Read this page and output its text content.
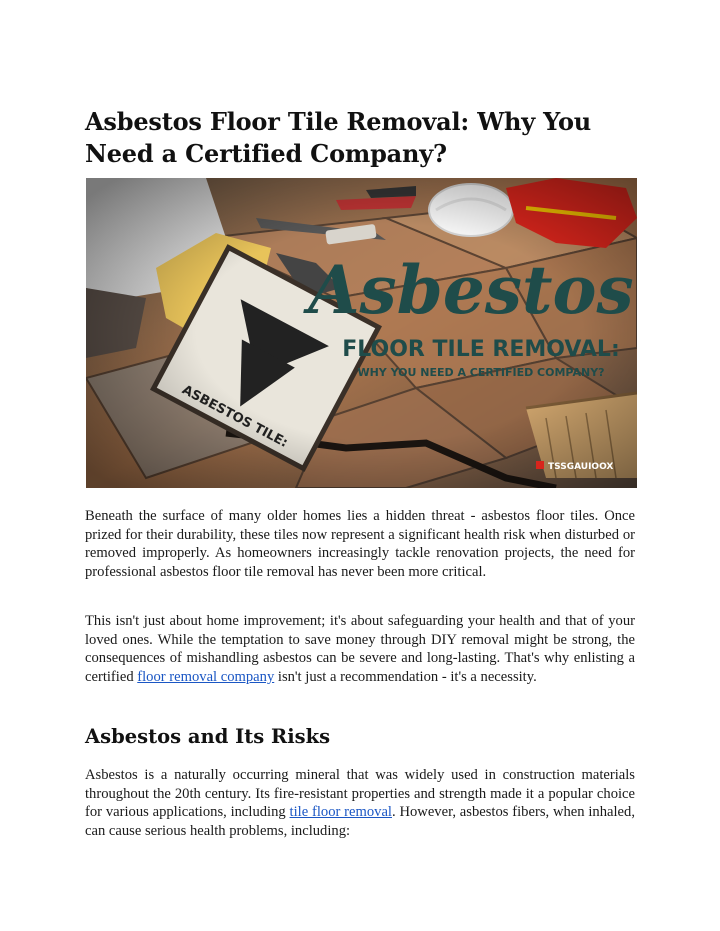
Asbestos Floor Tile Removal: Why You Need a Certified Company?
Asbestos
FLOOR TILE REMOVAL:
WHY YOU NEED A CERTIFIED COMPANY?
TSSGAUIOOX

Beneath the surface of many older homes lies a hidden threat - asbestos floor tiles. Once prized for their durability, these tiles now represent a significant health risk when disturbed or removed improperly. As homeowners increasingly tackle renovation projects, the need for professional asbestos floor tile removal has never been more critical.

This isn't just about home improvement; it's about safeguarding your health and that of your loved ones. While the temptation to save money through DIY removal might be strong, the consequences of mishandling asbestos can be severe and long-lasting. That's why enlisting a certified floor removal company isn't just a recommendation - it's a necessity.

Asbestos and Its Risks

Asbestos is a naturally occurring mineral that was widely used in construction materials throughout the 20th century. Its fire-resistant properties and strength made it a popular choice for various applications, including tile floor removal. However, asbestos fibers, when inhaled, can cause serious health problems, including:
